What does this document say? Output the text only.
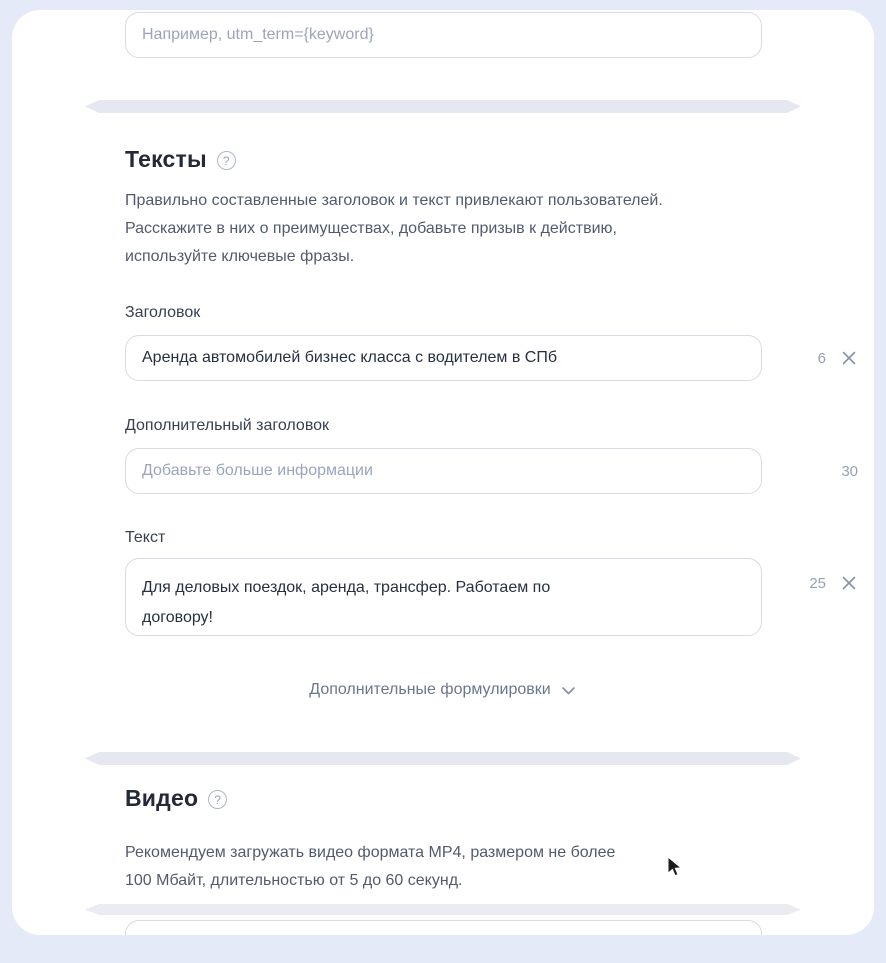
Например, utm_term={keyword}
Тексты	?
Правильно составленные заголовок и текст привлекают пользователей.
Расскажите в них о преимуществах, добавьте призыв к действию,
используйте ключевые фразы.
Заголовок
Аренда автомобилей бизнес класса с водителем в СПб
6
Дополнительный заголовок
Добавьте больше информации
30
Текст
Для деловых поездок, аренда, трансфер. Работаем по договору!
25
Дополнительные формулировки
Видео	?
Рекомендуем загружать видео формата MP4, размером не более
100 Мбайт, длительностью от 5 до 60 секунд.
